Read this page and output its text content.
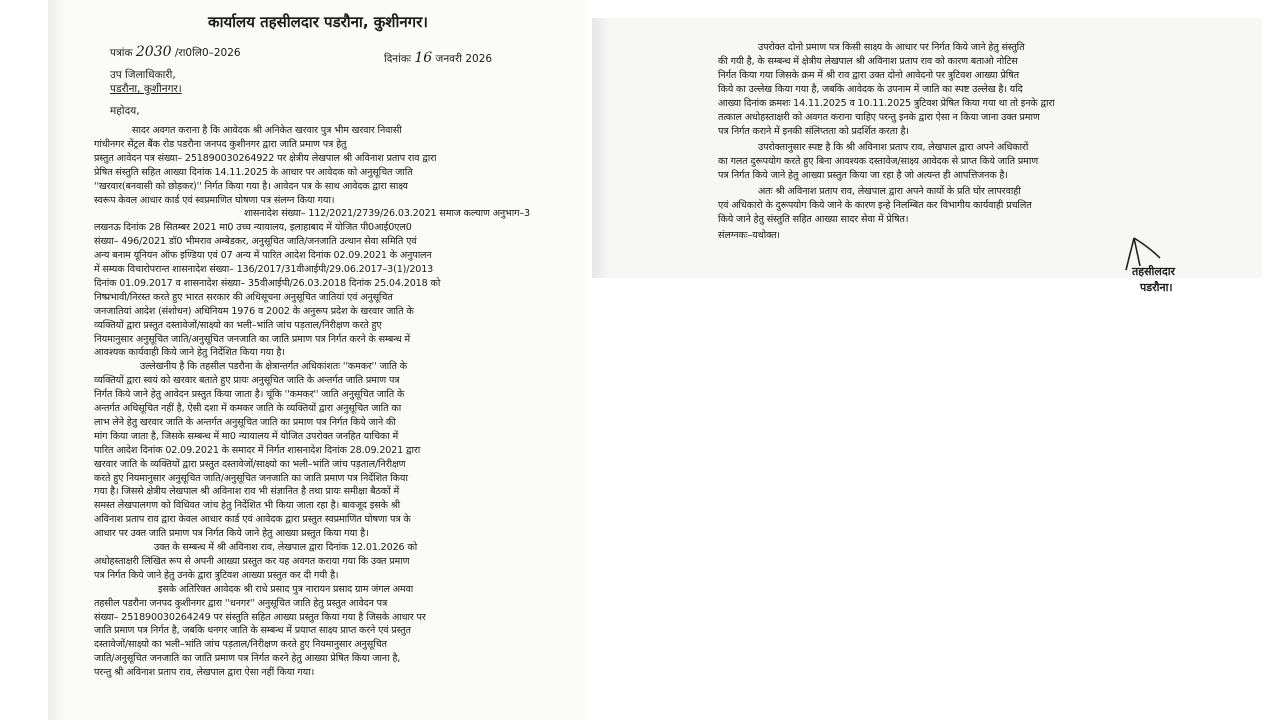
कार्यालय तहसीलदार पडरौना, कुशीनगर।
पत्रांक 2030 /रा0लि0–2026	दिनांकः 16 जनवरी 2026
उप जिलाधिकारी,
पडरौना, कुशीनगर।
महोदय,
सादर अवगत कराना है कि आवेदक श्री अनिकेत खरवार पुत्र भीम खरवार निवासी
गांधीनगर सेंट्रल बैंक रोड पडरौना जनपद कुशीनगर द्वारा जाति प्रमाण पत्र हेतु
प्रस्तुत आवेदन पत्र संख्या– 251890030264922 पर क्षेत्रीय लेखपाल श्री अविनाश प्रताप राव द्वारा
प्रेषित संस्तुति सहित आख्या दिनांक 14.11.2025 के आधार पर आवेदक को अनुसूचित जाति
''खरवार(बनवासी को छोड़कर)'' निर्गत किया गया है। आवेदन पत्र के साथ आवेदक द्वारा साक्ष्य
स्वरूप केवल आधार कार्ड एवं स्वप्रमाणित घोषणा पत्र संलग्न किया गया।
शासनादेश संख्या– 112/2021/2739/26.03.2021 समाज कल्याण अनुभाग–3
लखनऊ दिनांक 28 सितम्बर 2021 मा0 उच्च न्यायालय, इलाहाबाद में योजित पी0आई0एल0
संख्या– 496/2021 डॉ0 भीमराव अम्बेडकर, अनुसूचित जाति/जनजाति उत्थान सेवा समिति एवं
अन्य बनाम यूनियन ऑफ इण्डिया एवं 07 अन्य में पारित आदेश दिनांक 02.09.2021 के अनुपालन
में सम्यक विचारोपरान्त शासनादेश संख्या– 136/2017/31वीआईपी/29.06.2017–3(1)/2013
दिनांक 01.09.2017 व शासनादेश संख्या– 35वीआईपी/26.03.2018 दिनांक 25.04.2018 को
निष्प्रभावी/निरस्त करते हुए भारत सरकार की अधिसूचना अनुसूचित जातियां एवं अनुसूचित
जनजातियां आदेश (संशोधन) अधिनियम 1976 व 2002 के अनुरूप प्रदेश के खरवार जाति के
व्यक्तियों द्वारा प्रस्तुत दस्तावेजों/साक्ष्यो का भली–भांति जांच पड़ताल/निरीक्षण करते हुए
नियमानुसार अनुसूचित जाति/अनुसूचित जनजाति का जाति प्रमाण पत्र निर्गत करने के सम्बन्ध में
आवश्यक कार्यवाही किये जाने हेतु निर्देशित किया गया है।
उल्लेखनीय है कि तहसील पडरौना के क्षेत्रान्तर्गत अधिकांशतः ''कमकर'' जाति के
व्यक्तियों द्वारा स्वयं को खरवार बताते हुए प्रायः अनुसूचित जाति के अन्तर्गत जाति प्रमाण पत्र
निर्गत किये जाने हेतु आवेदन प्रस्तुत किया जाता है। चूंकि ''कमकर'' जाति अनुसूचित जाति के
अन्तर्गत अधिसूचित नहीं है, ऐसी दशा में कमकर जाति के व्यक्तियों द्वारा अनुसूचित जाति का
लाभ लेने हेतु खरवार जाति के अन्तर्गत अनुसूचित जाति का प्रमाण पत्र निर्गत किये जाने की
मांग किया जाता है, जिसके सम्बन्ध में मा0 न्यायालय में योजित उपरोक्त जनहित याचिका में
पारित आदेश दिनांक 02.09.2021 के समादर में निर्गत शासनादेश दिनांक 28.09.2021 द्वारा
खरवार जाति के व्यक्तियों द्वारा प्रस्तुत दस्तावेजों/साक्ष्यो का भली–भांति जांच पड़ताल/निरीक्षण
करते हुए नियमानुसार अनुसूचित जाति/अनुसूचित जनजाति का जाति प्रमाण पत्र निर्देशित किया
गया है। जिससे क्षेत्रीय लेखपाल श्री अविनाश राव भी संज्ञानित है तथा प्रायः समीक्षा बैठकों में
समस्त लेखपालगण को विधिवत जांच हेतु निर्देशित भी किया जाता रहा है। बावजूद इसके श्री
अविनाश प्रताप राव द्वारा केवल आधार कार्ड एवं आवेदक द्वारा प्रस्तुत स्वप्रमाणित घोषणा पत्र के
आधार पर उक्त जाति प्रमाण पत्र निर्गत किये जाने हेतु आख्या प्रस्तुत किया गया है।
उक्त के सम्बन्ध में श्री अविनाश राव, लेखपाल द्वारा दिनांक 12.01.2026 को
अधोहस्ताक्षरी लिखित रूप से अपनी आख्या प्रस्तुत कर यह अवगत कराया गया कि उक्त प्रमाण
पत्र निर्गत किये जाने हेतु उनके द्वारा त्रुटिवश आख्या प्रस्तुत कर दी गयी है।
इसके अतिरिक्त आवेदक श्री राधे प्रसाद पुत्र नारायन प्रसाद ग्राम जंगल अमवा
तहसील पडरौना जनपद कुशीनगर द्वारा ''धनगर'' अनुसूचित जाति हेतु प्रस्तुत आवेदन पत्र
संख्या– 251890030264249 पर संस्तुति सहित आख्या प्रस्तुत किया गया है जिसके आधार पर
जाति प्रमाण पत्र निर्गत है, जबकि धनगर जाति के सम्बन्ध में प्रयाप्त साक्ष्य प्राप्त करने एवं प्रस्तुत
दस्तावेजों/साक्ष्यो का भली–भांति जांच पड़ताल/निरीक्षण करते हुए नियमानुसार अनुसूचित
जाति/अनुसूचित जनजाति का जाति प्रमाण पत्र निर्गत करने हेतु आख्या प्रेषित किया जाना है,
परन्तु श्री अविनाश प्रताप राव, लेखपाल द्वारा ऐसा नहीं किया गया।
उपरोक्त दोनो प्रमाण पत्र किसी साक्ष्य के आधार पर निर्गत किये जाने हेतु संस्तुति
की गयी है, के सम्बन्ध में क्षेत्रीय लेखपाल श्री अविनाश प्रताप राव को कारण बताओ नोटिस
निर्गत किया गया जिसके क्रम में श्री राव द्वारा उक्त दोनो आवेदनो पर त्रुटिवश आख्या प्रेषित
किये का उल्लेख किया गया है, जबकि आवेदक के उपनाम में जाति का स्पष्ट उल्लेख है। यदि
आख्या दिनांक क्रमशः 14.11.2025 व 10.11.2025 त्रुटिवश प्रेषित किया गया था तो इनके द्वारा
तत्काल अधोहस्ताक्षरी को अवगत कराना चाहिए परन्तु इनके द्वारा ऐसा न किया जाना उक्त प्रमाण
पत्र निर्गत कराने में इनकी संलिप्तता को प्रदर्शित करता है।
उपरोक्तानुसार स्पष्ट है कि श्री अविनाश प्रताप राव, लेखपाल द्वारा अपने अधिकारों
का गलत दुरूपयोग करते हुए बिना आवश्यक दस्तावेज/साक्ष्य आवेदक से प्राप्त किये जाति प्रमाण
पत्र निर्गत किये जाने हेतु आख्या प्रस्तुत किया जा रहा है जो अत्यन्त ही आपत्तिजनक है।
अतः श्री अविनाश प्रताप राव, लेखपाल द्वारा अपने कार्यो के प्रति घोर लापरवाही
एवं अधिकारो के दुरूपयोग किये जाने के कारण इन्हे निलम्बित कर विभागीय कार्यवाही प्रचलित
किये जाने हेतु संस्तुति सहित आख्या सादर सेवा में प्रेषित।
संलग्नकः–यथोक्त।
तहसीलदार
पडरौना।
